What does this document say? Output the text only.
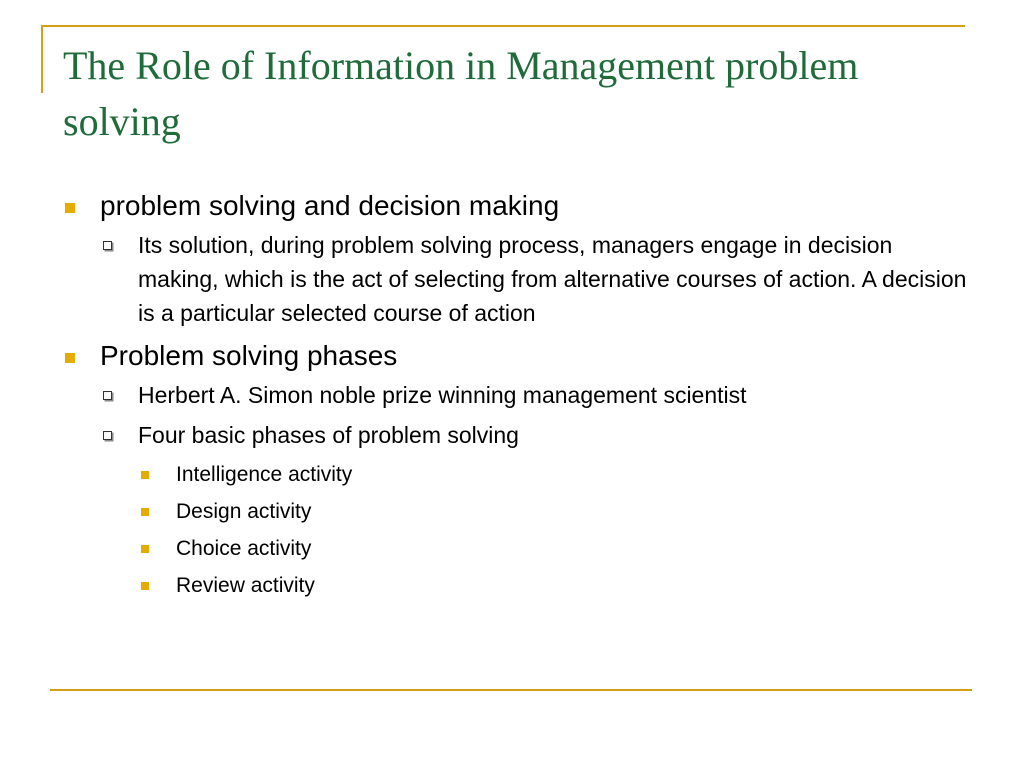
The Role of Information in Management problem solving
problem solving and decision making
Its solution, during problem solving process, managers engage in decision making, which is the act of selecting from alternative courses of action. A decision is a particular selected course of action
Problem solving phases
Herbert A. Simon noble prize winning management scientist
Four basic phases of problem solving
Intelligence activity
Design activity
Choice activity
Review activity
